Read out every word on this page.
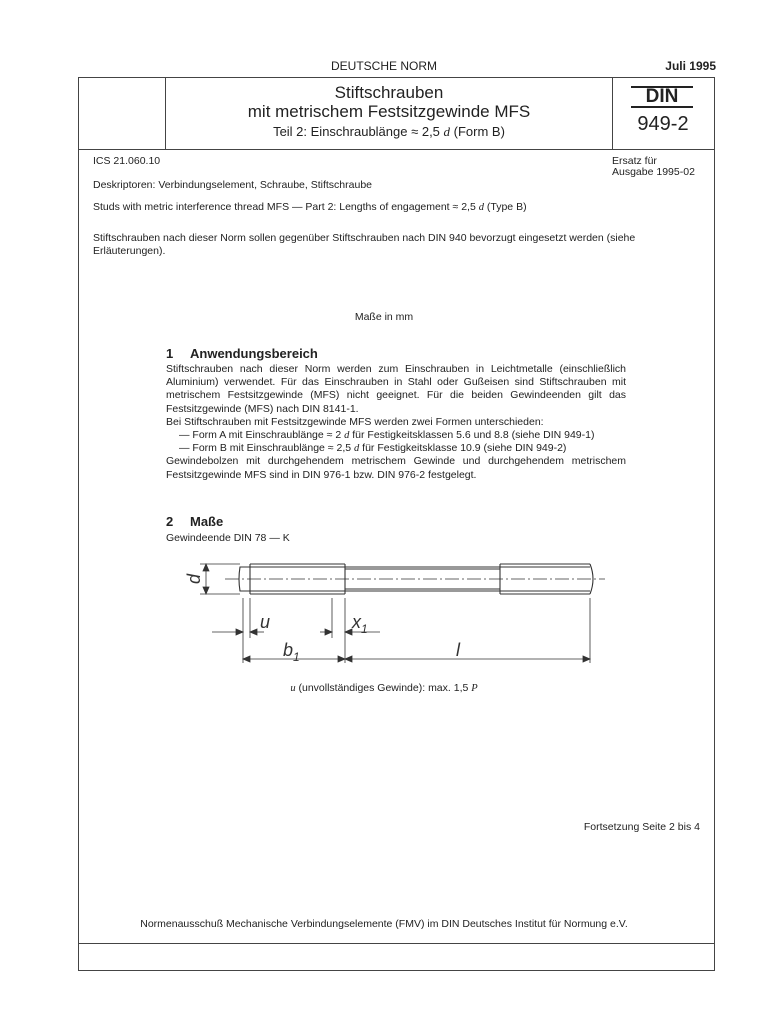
DEUTSCHE NORM	Juli 1995
Stiftschrauben
mit metrischem Festsitzgewinde MFS
Teil 2: Einschraublänge ≈ 2,5 d (Form B)
DIN
949-2
ICS 21.060.10	Ersatz für
Ausgabe 1995-02
Deskriptoren: Verbindungselement, Schraube, Stiftschraube
Studs with metric interference thread MFS — Part 2: Lengths of engagement ≈ 2,5 d (Type B)
Stiftschrauben nach dieser Norm sollen gegenüber Stiftschrauben nach DIN 940 bevorzugt eingesetzt werden (siehe Erläuterungen).
Maße in mm
1 Anwendungsbereich

Stiftschrauben nach dieser Norm werden zum Einschrauben in Leichtmetalle (einschließlich Aluminium) verwendet. Für das Einschrauben in Stahl oder Gußeisen sind Stiftschrauben mit metrischem Festsitzgewinde (MFS) nicht geeignet. Für die beiden Gewindeenden gilt das Festsitzgewinde (MFS) nach DIN 8141-1.

Bei Stiftschrauben mit Festsitzgewinde MFS werden zwei Formen unterschieden:

— Form A mit Einschraublänge ≈ 2 d für Festigkeitsklassen 5.6 und 8.8 (siehe DIN 949-1)

— Form B mit Einschraublänge ≈ 2,5 d für Festigkeitsklasse 10.9 (siehe DIN 949-2)

Gewindebolzen mit durchgehendem metrischem Gewinde und durchgehendem metrischem Festsitzgewinde MFS sind in DIN 976-1 bzw. DIN 976-2 festgelegt.

2 Maße
Gewindeende DIN 78 — K
d
u	$x_1$
$b_1$	l
u (unvollständiges Gewinde): max. 1,5 P
Fortsetzung Seite 2 bis 4
Normenausschuß Mechanische Verbindungselemente (FMV) im DIN Deutsches Institut für Normung e.V.
